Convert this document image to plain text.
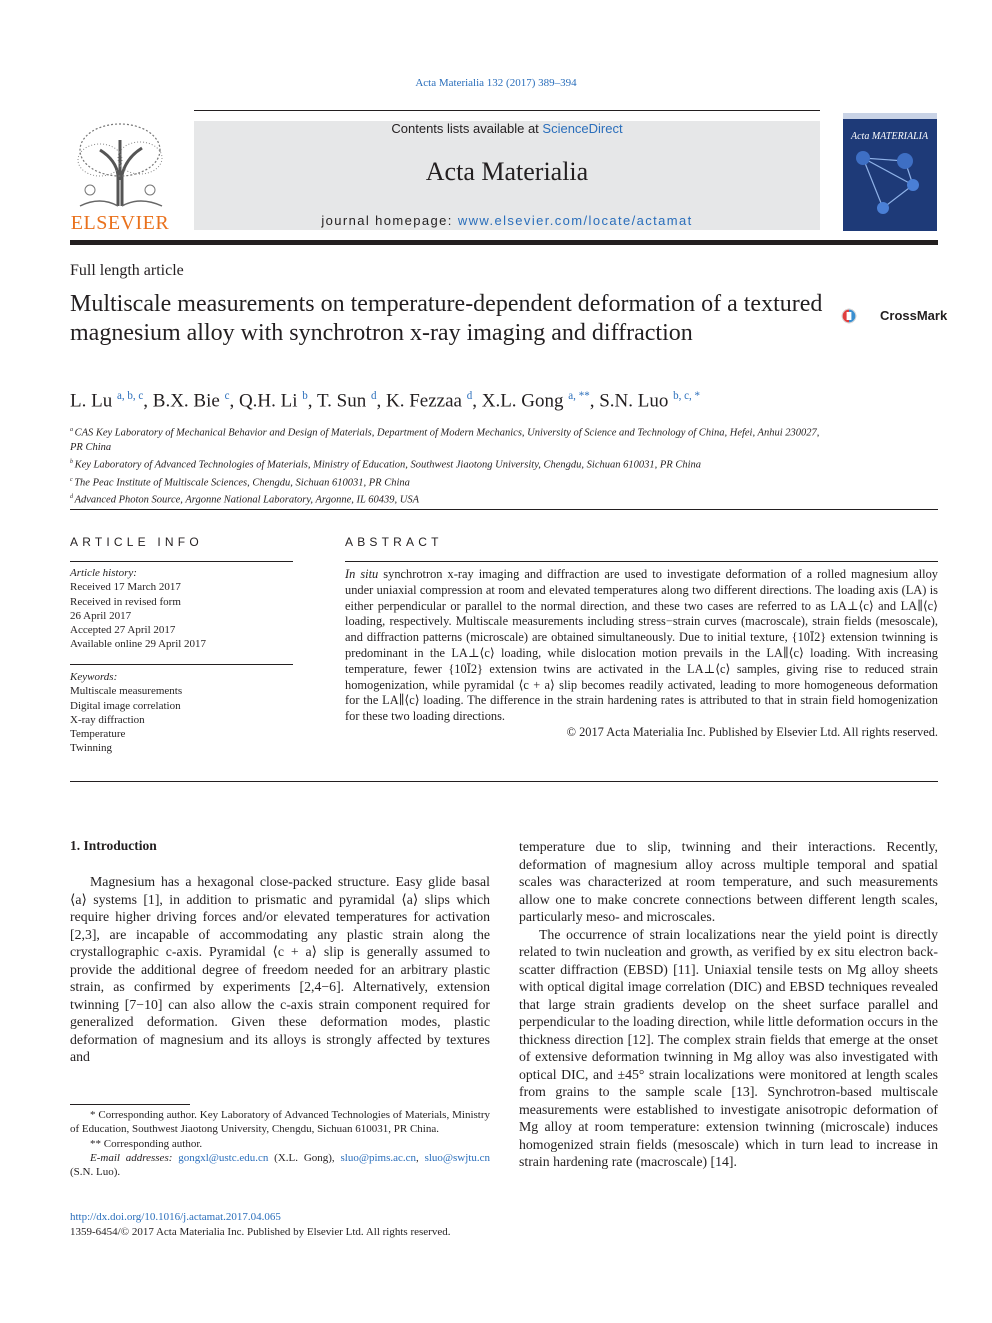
Acta Materialia 132 (2017) 389–394
ELSEVIER
Contents lists available at ScienceDirect
Acta Materialia
journal homepage: www.elsevier.com/locate/actamat
Acta MATERIALIA
Full length article
Multiscale measurements on temperature-dependent deformation of a textured magnesium alloy with synchrotron x-ray imaging and diffraction
CrossMark
L. Lu $^{a, b, c}$, B.X. Bie $^c$, Q.H. Li $^b$, T. Sun $^d$, K. Fezzaa $^d$, X.L. Gong $^{a, **}$, S.N. Luo $^{b, c, *}$
$^a$ CAS Key Laboratory of Mechanical Behavior and Design of Materials, Department of Modern Mechanics, University of Science and Technology of China, Hefei, Anhui 230027, PR China
$^b$ Key Laboratory of Advanced Technologies of Materials, Ministry of Education, Southwest Jiaotong University, Chengdu, Sichuan 610031, PR China
$^c$ The Peac Institute of Multiscale Sciences, Chengdu, Sichuan 610031, PR China
$^d$ Advanced Photon Source, Argonne National Laboratory, Argonne, IL 60439, USA
ARTICLE INFO
Article history:
Received 17 March 2017
Received in revised form
26 April 2017
Accepted 27 April 2017
Available online 29 April 2017
Keywords:
Multiscale measurements
Digital image correlation
X-ray diffraction
Temperature
Twinning
ABSTRACT
In situ synchrotron x-ray imaging and diffraction are used to investigate deformation of a rolled magnesium alloy under uniaxial compression at room and elevated temperatures along two different directions. The loading axis (LA) is either perpendicular or parallel to the normal direction, and these two cases are referred to as LA⊥⟨c⟩ and LA∥⟨c⟩ loading, respectively. Multiscale measurements including stress−strain curves (macroscale), strain fields (mesoscale), and diffraction patterns (microscale) are obtained simultaneously. Due to initial texture, {10Ī2} extension twinning is predominant in the LA⊥⟨c⟩ loading, while dislocation motion prevails in the LA∥⟨c⟩ loading. With increasing temperature, fewer {10Ī2} extension twins are activated in the LA⊥⟨c⟩ samples, giving rise to reduced strain homogenization, while pyramidal ⟨c + a⟩ slip becomes readily activated, leading to more homogeneous deformation for the LA∥⟨c⟩ loading. The difference in the strain hardening rates is attributed to that in strain field homogenization for these two loading directions.
© 2017 Acta Materialia Inc. Published by Elsevier Ltd. All rights reserved.
1. Introduction
Magnesium has a hexagonal close-packed structure. Easy glide basal ⟨a⟩ systems [1], in addition to prismatic and pyramidal ⟨a⟩ slips which require higher driving forces and/or elevated temperatures for activation [2,3], are incapable of accommodating any plastic strain along the crystallographic c-axis. Pyramidal ⟨c + a⟩ slip is generally assumed to provide the additional degree of freedom needed for an arbitrary plastic strain, as confirmed by experiments [2,4−6]. Alternatively, extension twinning [7−10] can also allow the c-axis strain component required for generalized deformation. Given these deformation modes, plastic deformation of magnesium and its alloys is strongly affected by textures and
temperature due to slip, twinning and their interactions. Recently, deformation of magnesium alloy across multiple temporal and spatial scales was characterized at room temperature, and such measurements allow one to make concrete connections between different length scales, particularly meso- and microscales.
The occurrence of strain localizations near the yield point is directly related to twin nucleation and growth, as verified by ex situ electron back-scatter diffraction (EBSD) [11]. Uniaxial tensile tests on Mg alloy sheets with optical digital image correlation (DIC) and EBSD techniques revealed that large strain gradients develop on the sheet surface parallel and perpendicular to the loading direction, while little deformation occurs in the thickness direction [12]. The complex strain fields that emerge at the onset of extensive deformation twinning in Mg alloy was also investigated with optical DIC, and ±45° strain localizations were monitored at length scales from grains to the sample scale [13]. Synchrotron-based multiscale measurements were established to investigate anisotropic deformation of Mg alloy at room temperature: extension twinning (microscale) induces homogenized strain fields (mesoscale) which in turn lead to increase in strain hardening rate (macroscale) [14].
* Corresponding author. Key Laboratory of Advanced Technologies of Materials, Ministry of Education, Southwest Jiaotong University, Chengdu, Sichuan 610031, PR China.
** Corresponding author.
E-mail addresses: gongxl@ustc.edu.cn (X.L. Gong), sluo@pims.ac.cn, sluo@swjtu.cn (S.N. Luo).
http://dx.doi.org/10.1016/j.actamat.2017.04.065
1359-6454/© 2017 Acta Materialia Inc. Published by Elsevier Ltd. All rights reserved.
